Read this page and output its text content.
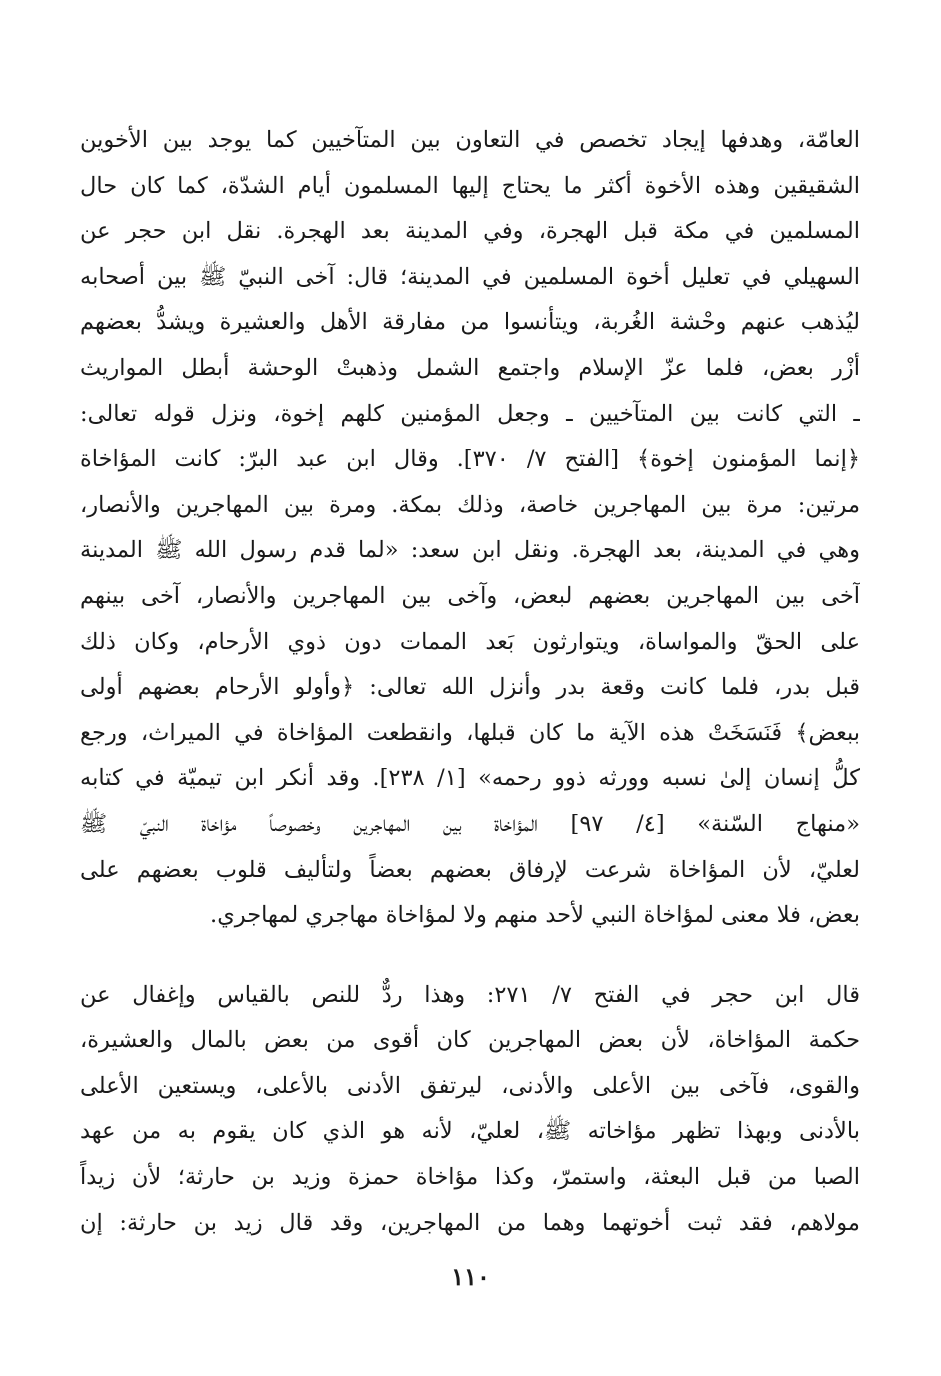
العامّة، وهدفها إيجاد تخصص في التعاون بين المتآخيين كما يوجد بين الأخوين
الشقيقين وهذه الأخوة أكثر ما يحتاج إليها المسلمون أيام الشدّة، كما كان حال
المسلمين في مكة قبل الهجرة، وفي المدينة بعد الهجرة. نقل ابن حجر عن
السهيلي في تعليل أخوة المسلمين في المدينة؛ قال: آخى النبيّ ﷺ بين أصحابه
ليُذهب عنهم وحْشة الغُربة، ويتأنسوا من مفارقة الأهل والعشيرة ويشدُّ بعضهم
أزْر بعض، فلما عزّ الإسلام واجتمع الشمل وذهبتْ الوحشة أبطل المواريث
ـ التي كانت بين المتآخيين ـ وجعل المؤمنين كلهم إخوة، ونزل قوله تعالى:
﴿إنما المؤمنون إخوة﴾ [الفتح ٧/ ٣٧٠]. وقال ابن عبد البرّ: كانت المؤاخاة
مرتين: مرة بين المهاجرين خاصة، وذلك بمكة. ومرة بين المهاجرين والأنصار،
وهي في المدينة، بعد الهجرة. ونقل ابن سعد: «لما قدم رسول الله ﷺ المدينة
آخى بين المهاجرين بعضهم لبعض، وآخى بين المهاجرين والأنصار، آخى بينهم
على الحقّ والمواساة، ويتوارثون بَعد الممات دون ذوي الأرحام، وكان ذلك
قبل بدر، فلما كانت وقعة بدر وأنزل الله تعالى: ﴿وأولو الأرحام بعضهم أولى
ببعض﴾ فَنَسَخَتْ هذه الآية ما كان قبلها، وانقطعت المؤاخاة في الميراث، ورجع
كلُّ إنسان إلىٰ نسبه وورثه ذوو رحمه» [١/ ٢٣٨]. وقد أنكر ابن تيميّة في كتابه
«منهاج السّنة» [٤/ ٩٧] المؤاخاة بين المهاجرين وخصوصاً مؤاخاة النبيّ ﷺ
لعليّ، لأن المؤاخاة شرعت لإرفاق بعضهم بعضاً ولتأليف قلوب بعضهم على
بعض، فلا معنى لمؤاخاة النبي لأحد منهم ولا لمؤاخاة مهاجري لمهاجري.
قال ابن حجر في الفتح ٧/ ٢٧١: وهذا ردٌّ للنص بالقياس وإغفال عن
حكمة المؤاخاة، لأن بعض المهاجرين كان أقوى من بعض بالمال والعشيرة،
والقوى، فآخى بين الأعلى والأدنى، ليرتفق الأدنى بالأعلى، ويستعين الأعلى
بالأدنى وبهذا تظهر مؤاخاته ﷺ، لعليّ، لأنه هو الذي كان يقوم به من عهد
الصبا من قبل البعثة، واستمرّ، وكذا مؤاخاة حمزة وزيد بن حارثة؛ لأن زيداً
مولاهم، فقد ثبت أخوتهما وهما من المهاجرين، وقد قال زيد بن حارثة: إن
١١٠
